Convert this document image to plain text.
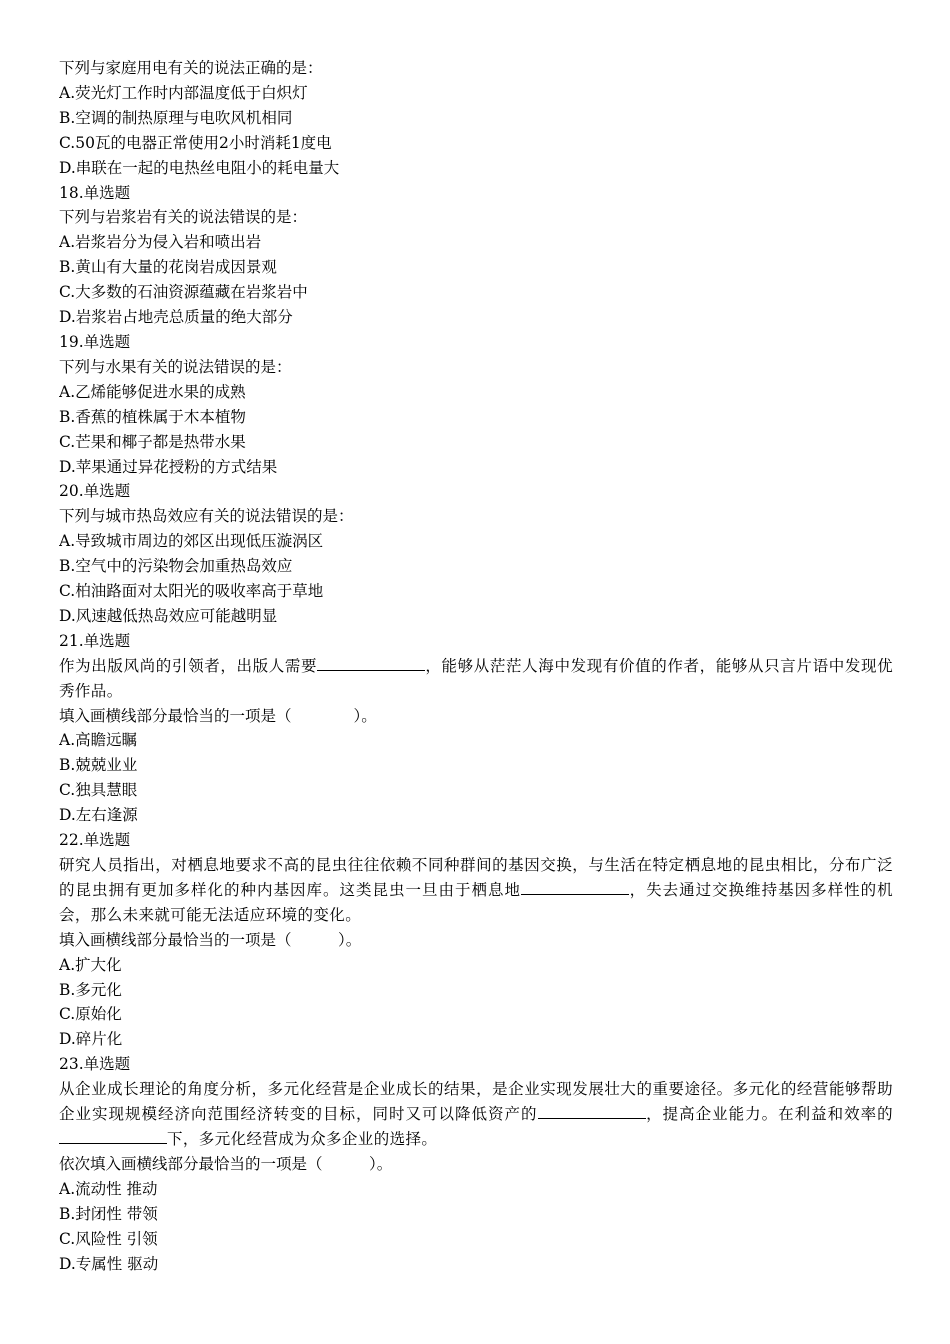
下列与家庭用电有关的说法正确的是：
A.荧光灯工作时内部温度低于白炽灯
B.空调的制热原理与电吹风机相同
C.50瓦的电器正常使用2小时消耗1度电
D.串联在一起的电热丝电阻小的耗电量大
18.单选题
下列与岩浆岩有关的说法错误的是：
A.岩浆岩分为侵入岩和喷出岩
B.黄山有大量的花岗岩成因景观
C.大多数的石油资源蕴藏在岩浆岩中
D.岩浆岩占地壳总质量的绝大部分
19.单选题
下列与水果有关的说法错误的是：
A.乙烯能够促进水果的成熟
B.香蕉的植株属于木本植物
C.芒果和椰子都是热带水果
D.苹果通过异花授粉的方式结果
20.单选题
下列与城市热岛效应有关的说法错误的是：
A.导致城市周边的郊区出现低压漩涡区
B.空气中的污染物会加重热岛效应
C.柏油路面对太阳光的吸收率高于草地
D.风速越低热岛效应可能越明显
21.单选题
作为出版风尚的引领者，出版人需要	，能够从茫茫人海中发现有价值的作者，能够从只言片语中发现优秀作品。
填入画横线部分最恰当的一项是（　　　　）。
A.高瞻远瞩
B.兢兢业业
C.独具慧眼
D.左右逢源
22.单选题
研究人员指出，对栖息地要求不高的昆虫往往依赖不同种群间的基因交换，与生活在特定栖息地的昆虫相比，分布广泛的昆虫拥有更加多样化的种内基因库。这类昆虫一旦由于栖息地	，失去通过交换维持基因多样性的机会，那么未来就可能无法适应环境的变化。
填入画横线部分最恰当的一项是（　　　）。
A.扩大化
B.多元化
C.原始化
D.碎片化
23.单选题
从企业成长理论的角度分析，多元化经营是企业成长的结果，是企业实现发展壮大的重要途径。多元化的经营能够帮助企业实现规模经济向范围经济转变的目标，同时又可以降低资产的	，提高企业能力。在利益和效率的下，多元化经营成为众多企业的选择。
依次填入画横线部分最恰当的一项是（　　　）。
A.流动性 推动
B.封闭性 带领
C.风险性 引领
D.专属性 驱动
